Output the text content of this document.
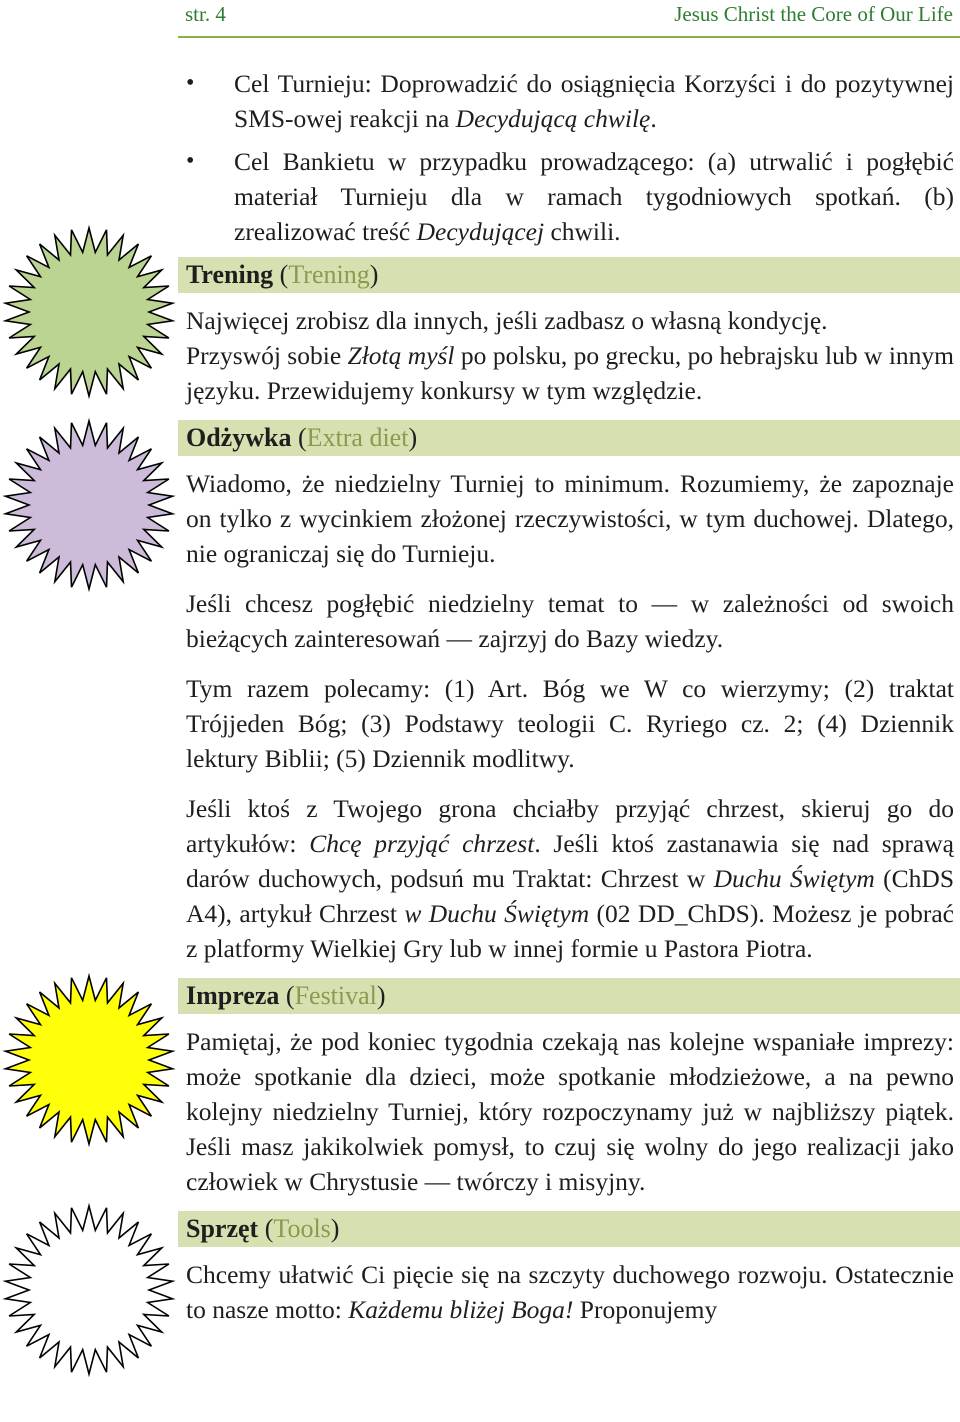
str. 4	Jesus Christ the Core of Our Life
• Cel Turnieju: Doprowadzić do osiągnięcia Korzyści i do pozytywnej SMS-owej reakcji na Decydującą chwilę.
• Cel Bankietu w przypadku prowadzącego: (a) utrwalić i pogłębić materiał Turnieju dla w ramach tygodniowych spotkań. (b) zrealizować treść Decydującej chwili.
Trening (Trening)

Najwięcej zrobisz dla innych, jeśli zadbasz o własną kondycję.

Przyswój sobie Złotą myśl po polsku, po grecku, po hebrajsku lub w innym języku. Przewidujemy konkursy w tym względzie.

Odżywka (Extra diet)

Wiadomo, że niedzielny Turniej to minimum. Rozumiemy, że zapoznaje on tylko z wycinkiem złożonej rzeczywistości, w tym duchowej. Dlatego, nie ograniczaj się do Turnieju.

Jeśli chcesz pogłębić niedzielny temat to — w zależności od swoich bieżących zainteresowań — zajrzyj do Bazy wiedzy.

Tym razem polecamy: (1) Art. Bóg we W co wierzymy; (2) traktat Trójjeden Bóg; (3) Podstawy teologii C. Ryriego cz. 2; (4) Dziennik lektury Biblii; (5) Dziennik modlitwy.

Jeśli ktoś z Twojego grona chciałby przyjąć chrzest, skieruj go do artykułów: Chcę przyjąć chrzest. Jeśli ktoś zastanawia się nad sprawą darów duchowych, podsuń mu Traktat: Chrzest w Duchu Świętym (ChDS A4), artykuł Chrzest w Duchu Świętym (02 DD_ChDS). Możesz je pobrać z platformy Wielkiej Gry lub w innej formie u Pastora Piotra.

Impreza (Festival)

Pamiętaj, że pod koniec tygodnia czekają nas kolejne wspaniałe imprezy: może spotkanie dla dzieci, może spotkanie młodzieżowe, a na pewno kolejny niedzielny Turniej, który rozpoczynamy już w najbliższy piątek. Jeśli masz jakikolwiek pomysł, to czuj się wolny do jego realizacji jako człowiek w Chrystusie — twórczy i misyjny.

Sprzęt (Tools)

Chcemy ułatwić Ci pięcie się na szczyty duchowego rozwoju. Ostatecznie to nasze motto: Każdemu bliżej Boga! Proponujemy
